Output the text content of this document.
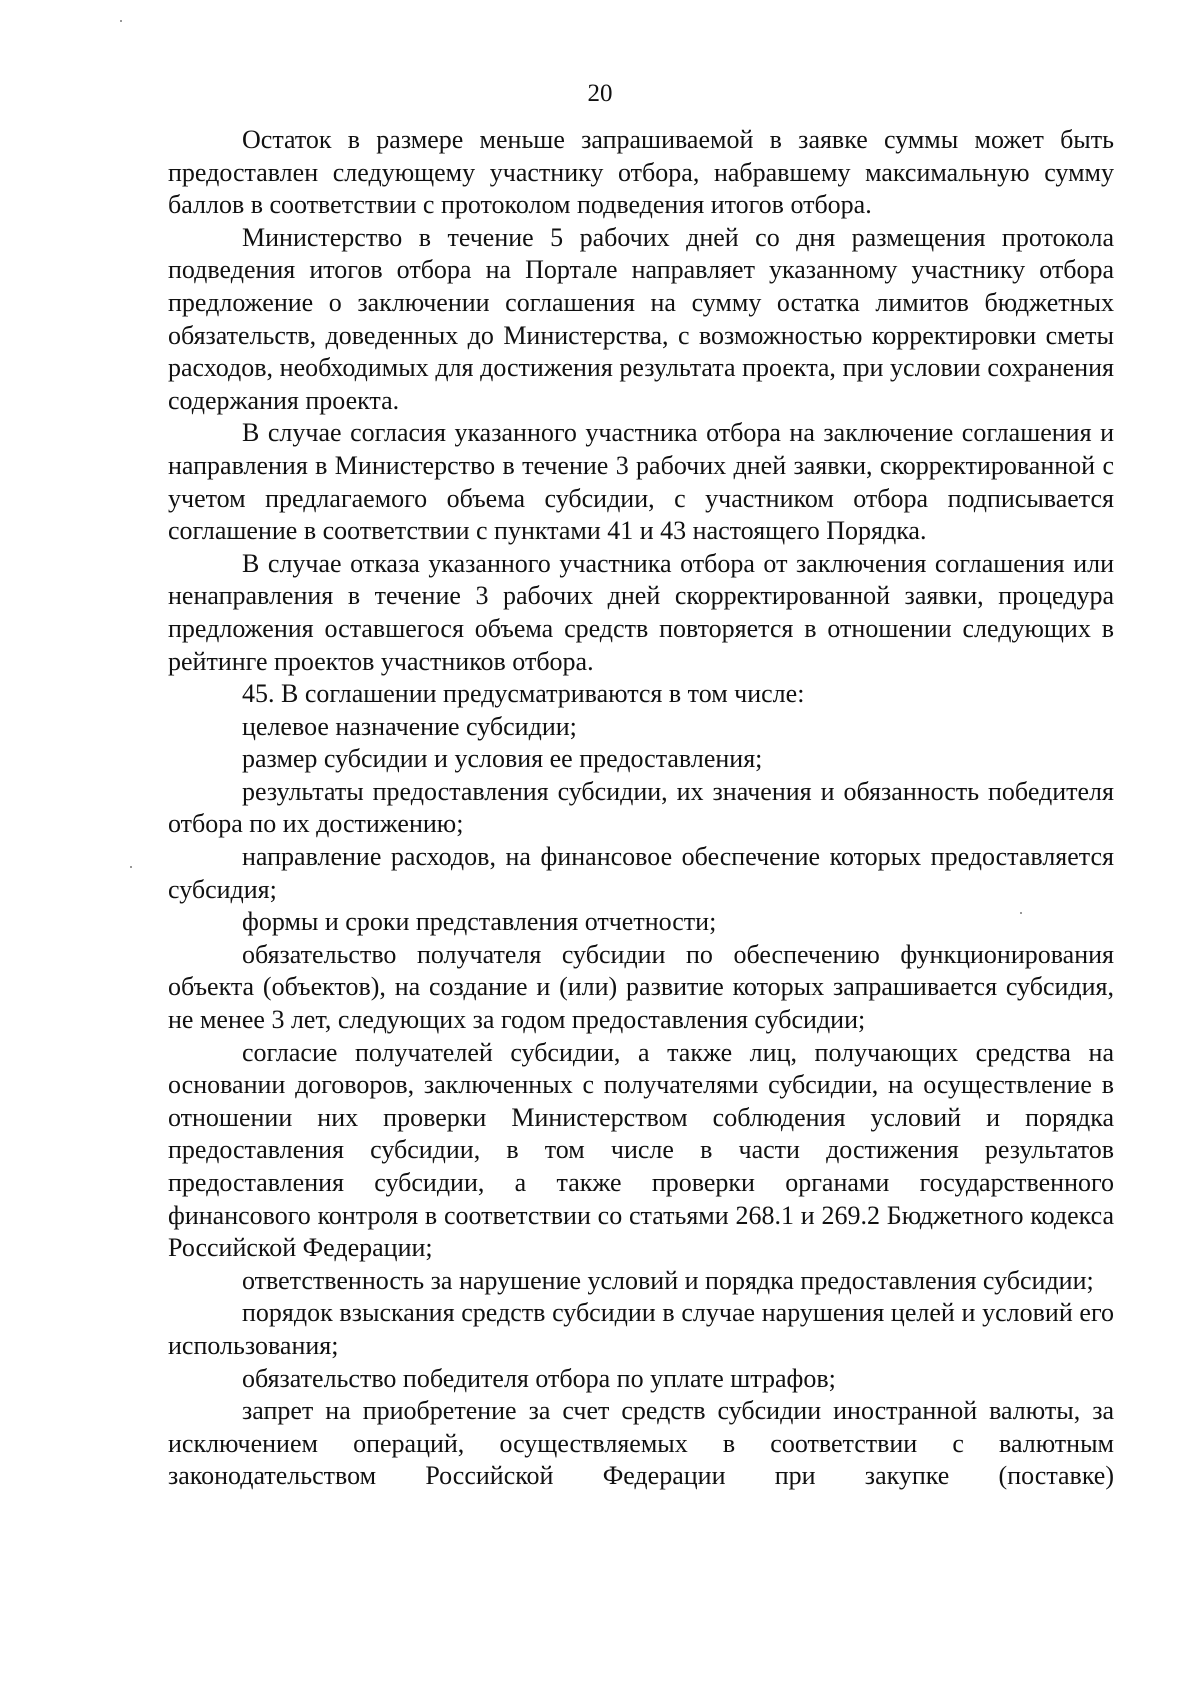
20

Остаток в размере меньше запрашиваемой в заявке суммы может быть предоставлен следующему участнику отбора, набравшему максимальную сумму баллов в соответствии с протоколом подведения итогов отбора.

Министерство в течение 5 рабочих дней со дня размещения протокола подведения итогов отбора на Портале направляет указанному участнику отбора предложение о заключении соглашения на сумму остатка лимитов бюджетных обязательств, доведенных до Министерства, с возможностью корректировки сметы расходов, необходимых для достижения результата проекта, при условии сохранения содержания проекта.

В случае согласия указанного участника отбора на заключение соглашения и направления в Министерство в течение 3 рабочих дней заявки, скорректированной с учетом предлагаемого объема субсидии, с участником отбора подписывается соглашение в соответствии с пунктами 41 и 43 настоящего Порядка.

В случае отказа указанного участника отбора от заключения соглашения или ненаправления в течение 3 рабочих дней скорректированной заявки, процедура предложения оставшегося объема средств повторяется в отношении следующих в рейтинге проектов участников отбора.

45. В соглашении предусматриваются в том числе:

целевое назначение субсидии;

размер субсидии и условия ее предоставления;

результаты предоставления субсидии, их значения и обязанность победителя отбора по их достижению;

направление расходов, на финансовое обеспечение которых предоставляется субсидия;

формы и сроки представления отчетности;

обязательство получателя субсидии по обеспечению функционирования объекта (объектов), на создание и (или) развитие которых запрашивается субсидия, не менее 3 лет, следующих за годом предоставления субсидии;

согласие получателей субсидии, а также лиц, получающих средства на основании договоров, заключенных с получателями субсидии, на осуществление в отношении них проверки Министерством соблюдения условий и порядка предоставления субсидии, в том числе в части достижения результатов предоставления субсидии, а также проверки органами государственного финансового контроля в соответствии со статьями 268.1 и 269.2 Бюджетного кодекса Российской Федерации;

ответственность за нарушение условий и порядка предоставления субсидии;

порядок взыскания средств субсидии в случае нарушения целей и условий его использования;

обязательство победителя отбора по уплате штрафов;

запрет на приобретение за счет средств субсидии иностранной валюты, за исключением операций, осуществляемых в соответствии с валютным законодательством Российской Федерации при закупке (поставке)
